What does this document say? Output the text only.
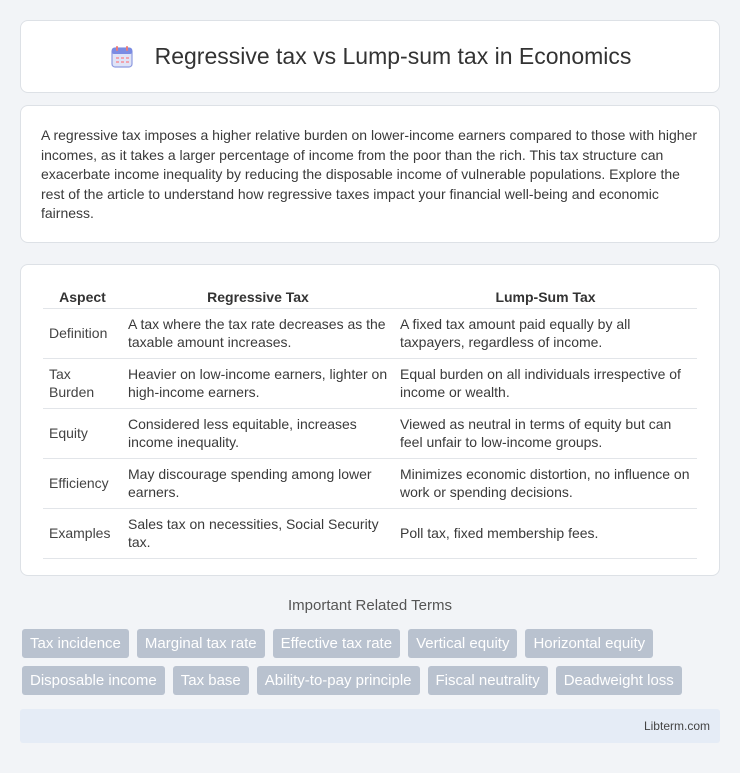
Regressive tax vs Lump-sum tax in Economics

A regressive tax imposes a higher relative burden on lower-income earners compared to those with higher incomes, as it takes a larger percentage of income from the poor than the rich. This tax structure can exacerbate income inequality by reducing the disposable income of vulnerable populations. Explore the rest of the article to understand how regressive taxes impact your financial well-being and economic fairness.

Aspect	Regressive Tax	Lump-Sum Tax
Definition	A tax where the tax rate decreases as the taxable amount increases.	A fixed tax amount paid equally by all taxpayers, regardless of income.
Tax Burden	Heavier on low-income earners, lighter on high-income earners.	Equal burden on all individuals irrespective of income or wealth.
Equity	Considered less equitable, increases income inequality.	Viewed as neutral in terms of equity but can feel unfair to low-income groups.
Efficiency	May discourage spending among lower earners.	Minimizes economic distortion, no influence on work or spending decisions.
Examples	Sales tax on necessities, Social Security tax.	Poll tax, fixed membership fees.
Important Related Terms
Tax incidence	Marginal tax rate	Effective tax rate	Vertical equity	Horizontal equity
Disposable income	Tax base	Ability-to-pay principle	Fiscal neutrality	Deadweight loss
Libterm.com
